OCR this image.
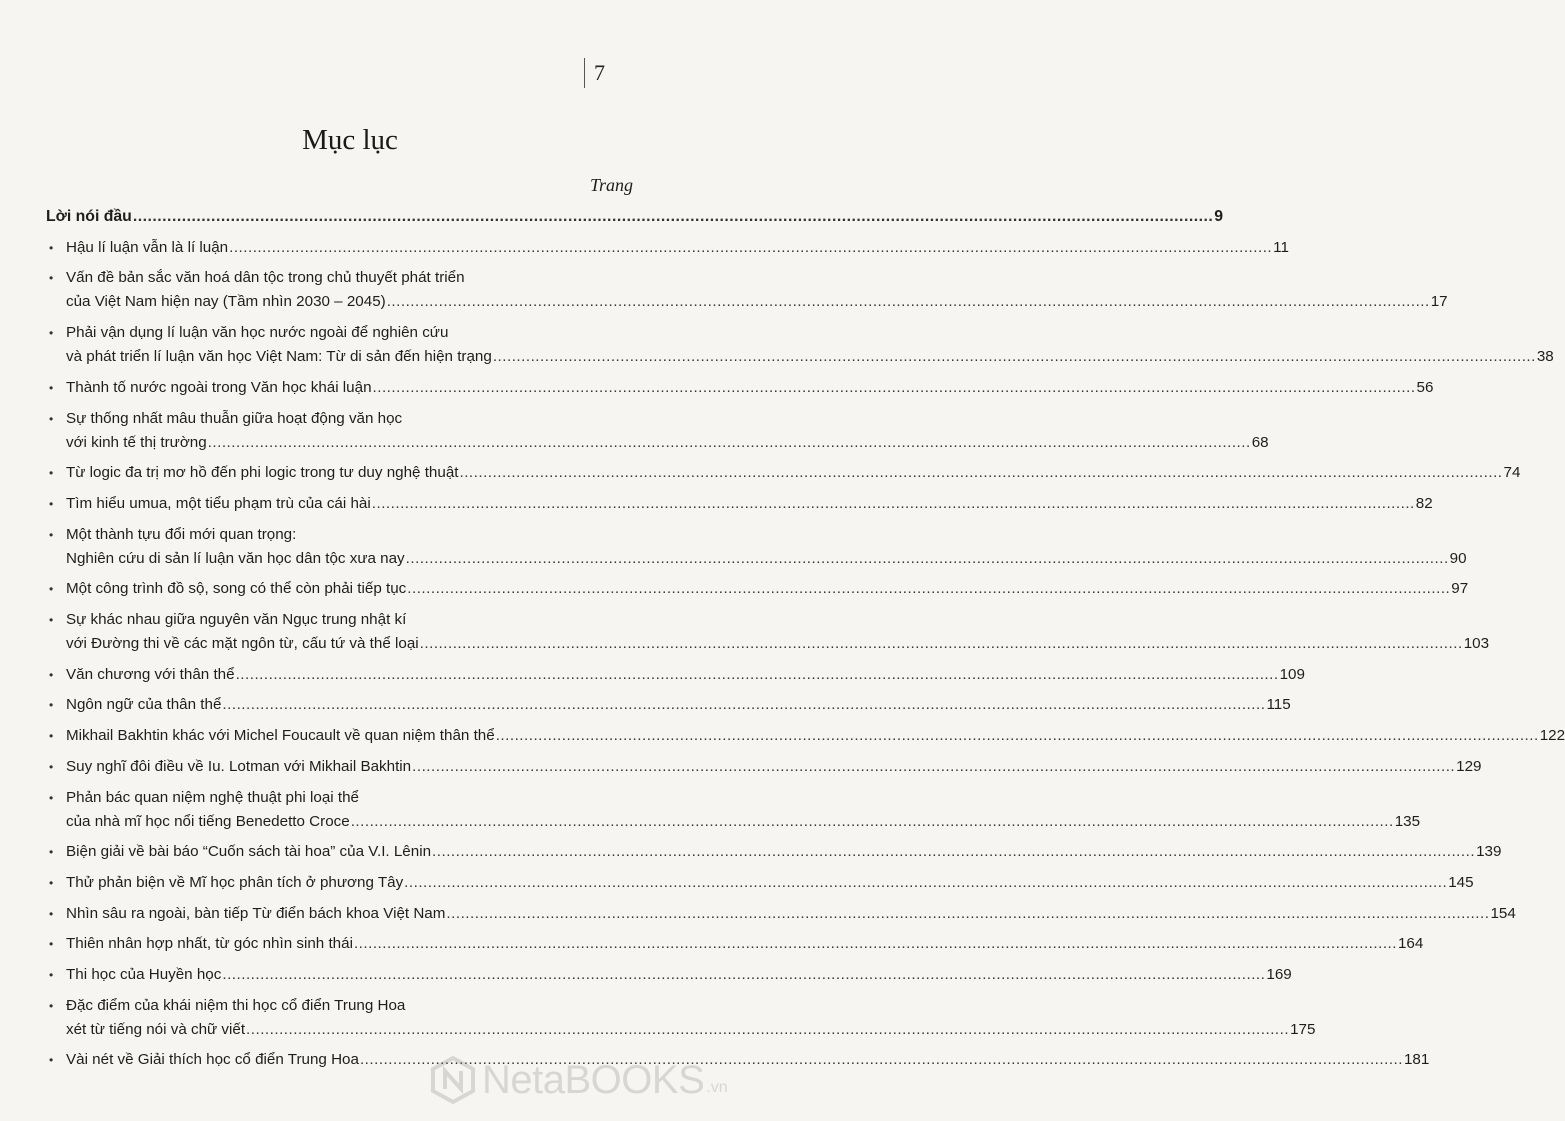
7
Mục lục
Trang
Lời nói đầu .....	9
• Hậu lí luận vẫn là lí luận .....	11
• Vấn đề bản sắc văn hoá dân tộc trong chủ thuyết phát triển
của Việt Nam hiện nay (Tầm nhìn 2030 – 2045) .....	17
• Phải vận dụng lí luận văn học nước ngoài để nghiên cứu
và phát triển lí luận văn học Việt Nam: Từ di sản đến hiện trạng .....	38
• Thành tố nước ngoài trong Văn học khái luận .....	56
• Sự thống nhất mâu thuẫn giữa hoạt động văn học
với kinh tế thị trường .....	68
• Từ logic đa trị mơ hồ đến phi logic trong tư duy nghệ thuật .....	74
• Tìm hiểu umua, một tiểu phạm trù của cái hài .....	82
• Một thành tựu đổi mới quan trọng:
Nghiên cứu di sản lí luận văn học dân tộc xưa nay .....	90
• Một công trình đồ sộ, song có thể còn phải tiếp tục .....	97
• Sự khác nhau giữa nguyên văn Ngục trung nhật kí
với Đường thi về các mặt ngôn từ, cấu tứ và thể loại .....	103
• Văn chương với thân thể .....	109
• Ngôn ngữ của thân thể .....	115
• Mikhail Bakhtin khác với Michel Foucault về quan niệm thân thể .....	122
• Suy nghĩ đôi điều về Iu. Lotman với Mikhail Bakhtin .....	129
• Phản bác quan niệm nghệ thuật phi loại thể
của nhà mĩ học nổi tiếng Benedetto Croce .....	135
• Biện giải về bài báo “Cuốn sách tài hoa” của V.I. Lênin .....	139
• Thử phản biện về Mĩ học phân tích ở phương Tây .....	145
• Nhìn sâu ra ngoài, bàn tiếp Từ điển bách khoa Việt Nam .....	154
• Thiên nhân hợp nhất, từ góc nhìn sinh thái .....	164
• Thi học của Huyền học .....	169
• Đặc điểm của khái niệm thi học cổ điển Trung Hoa
xét từ tiếng nói và chữ viết .....	175
• Vài nét về Giải thích học cổ điển Trung Hoa .....	181
NetaBOOKS .vn
